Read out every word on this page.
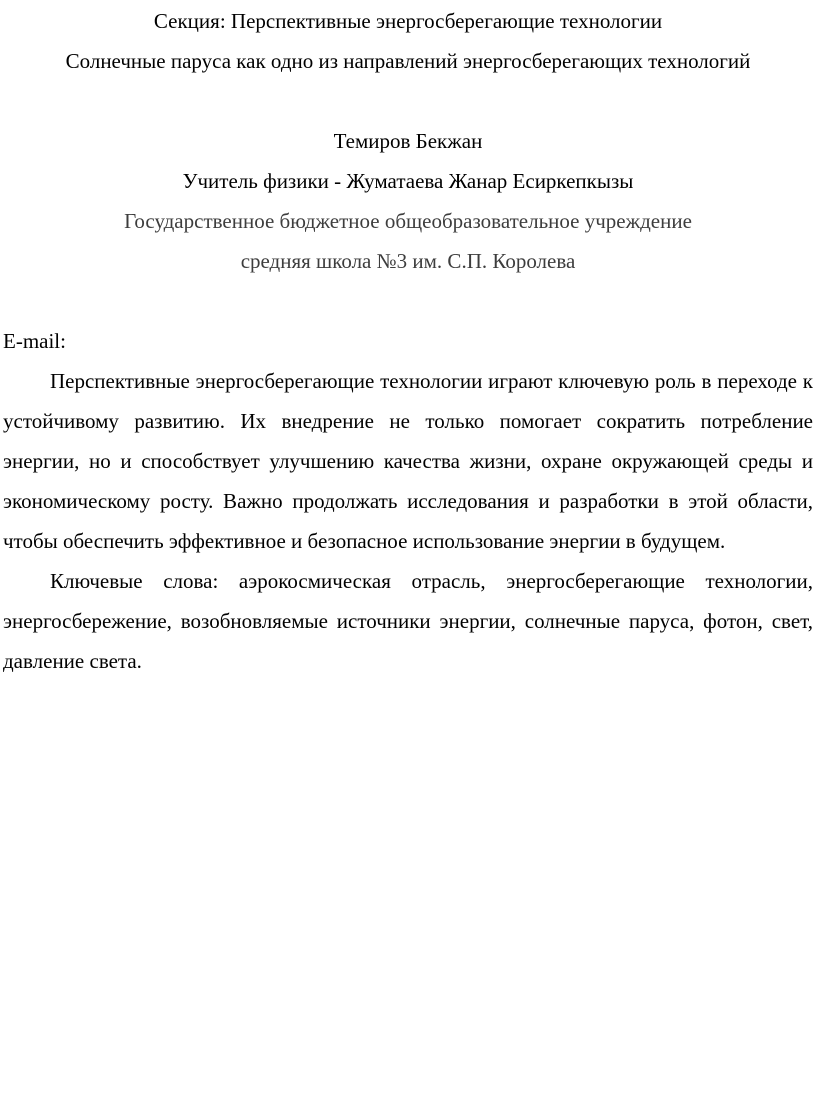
Секция: Перспективные энергосберегающие технологии

Солнечные паруса как одно из направлений энергосберегающих технологий

Темиров Бекжан

Учитель физики - Жуматаева Жанар Есиркепкызы

Государственное бюджетное общеобразовательное учреждение

средняя школа №3 им. С.П. Королева

E-mail:

Перспективные энергосберегающие технологии играют ключевую роль в переходе к устойчивому развитию. Их внедрение не только помогает сократить потребление энергии, но и способствует улучшению качества жизни, охране окружающей среды и экономическому росту. Важно продолжать исследования и разработки в этой области, чтобы обеспечить эффективное и безопасное использование энергии в будущем.

Ключевые слова: аэрокосмическая отрасль, энергосберегающие технологии, энергосбережение, возобновляемые источники энергии, солнечные паруса, фотон, свет, давление света.
